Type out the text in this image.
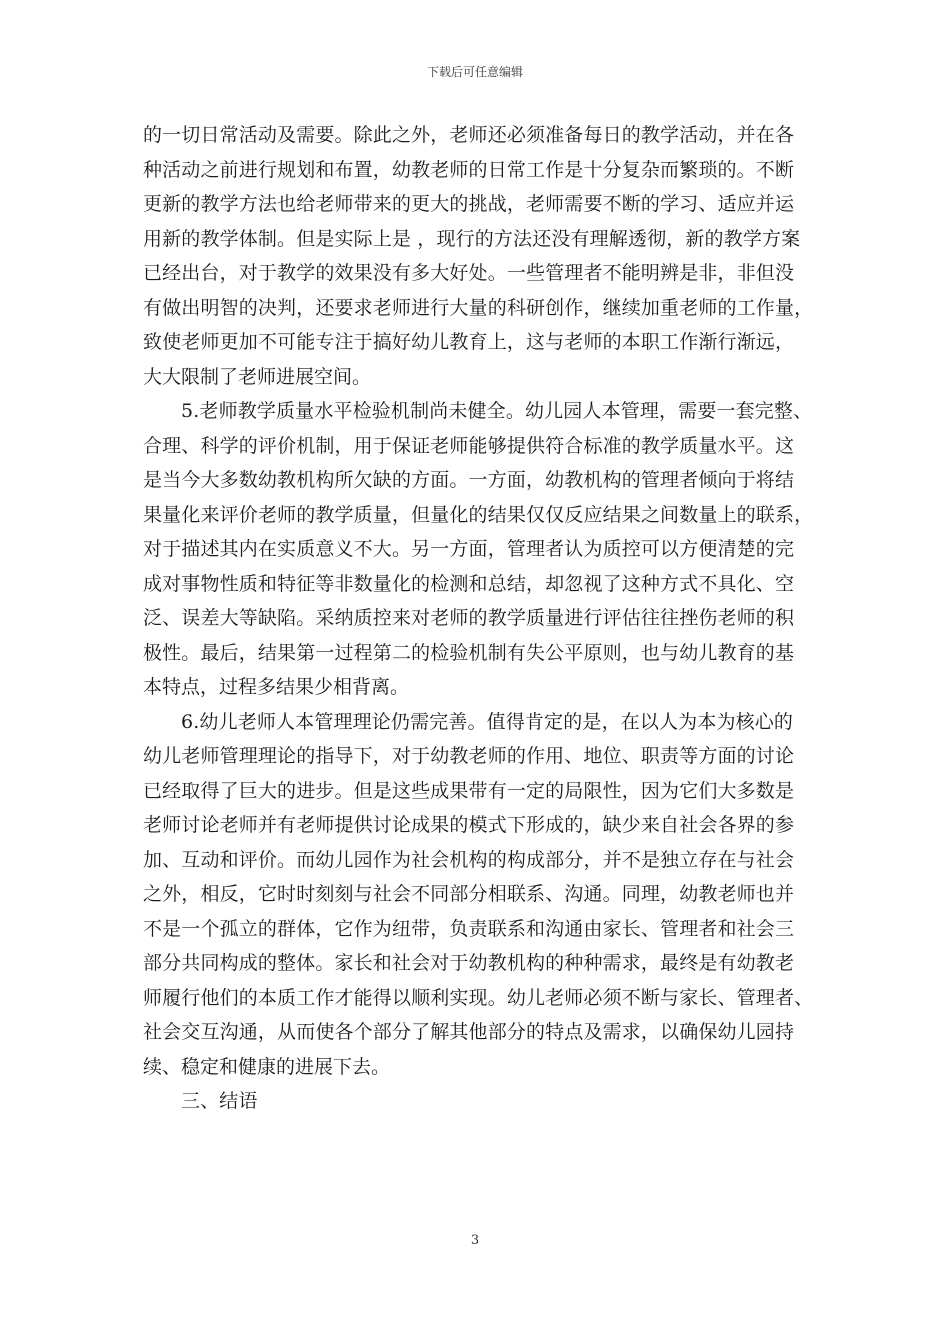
下载后可任意编辑
的一切日常活动及需要。除此之外，老师还必须准备每日的教学活动，并在各
种活动之前进行规划和布置，幼教老师的日常工作是十分复杂而繁琐的。不断
更新的教学方法也给老师带来的更大的挑战，老师需要不断的学习、适应并运
用新的教学体制。但是实际上是 ，现行的方法还没有理解透彻，新的教学方案
已经出台，对于教学的效果没有多大好处。一些管理者不能明辨是非，非但没
有做出明智的决判，还要求老师进行大量的科研创作，继续加重老师的工作量，
致使老师更加不可能专注于搞好幼儿教育上，这与老师的本职工作渐行渐远，
大大限制了老师进展空间。
5.老师教学质量水平检验机制尚未健全。幼儿园人本管理，需要一套完整、
合理、科学的评价机制，用于保证老师能够提供符合标准的教学质量水平。这
是当今大多数幼教机构所欠缺的方面。一方面，幼教机构的管理者倾向于将结
果量化来评价老师的教学质量，但量化的结果仅仅反应结果之间数量上的联系，
对于描述其内在实质意义不大。另一方面，管理者认为质控可以方便清楚的完
成对事物性质和特征等非数量化的检测和总结，却忽视了这种方式不具化、空
泛、误差大等缺陷。采纳质控来对老师的教学质量进行评估往往挫伤老师的积
极性。最后，结果第一过程第二的检验机制有失公平原则，也与幼儿教育的基
本特点，过程多结果少相背离。
6.幼儿老师人本管理理论仍需完善。值得肯定的是，在以人为本为核心的
幼儿老师管理理论的指导下，对于幼教老师的作用、地位、职责等方面的讨论
已经取得了巨大的进步。但是这些成果带有一定的局限性，因为它们大多数是
老师讨论老师并有老师提供讨论成果的模式下形成的，缺少来自社会各界的参
加、互动和评价。而幼儿园作为社会机构的构成部分，并不是独立存在与社会
之外，相反，它时时刻刻与社会不同部分相联系、沟通。同理，幼教老师也并
不是一个孤立的群体，它作为纽带，负责联系和沟通由家长、管理者和社会三
部分共同构成的整体。家长和社会对于幼教机构的种种需求，最终是有幼教老
师履行他们的本质工作才能得以顺利实现。幼儿老师必须不断与家长、管理者、
社会交互沟通，从而使各个部分了解其他部分的特点及需求，以确保幼儿园持
续、稳定和健康的进展下去。
三、结语
3
